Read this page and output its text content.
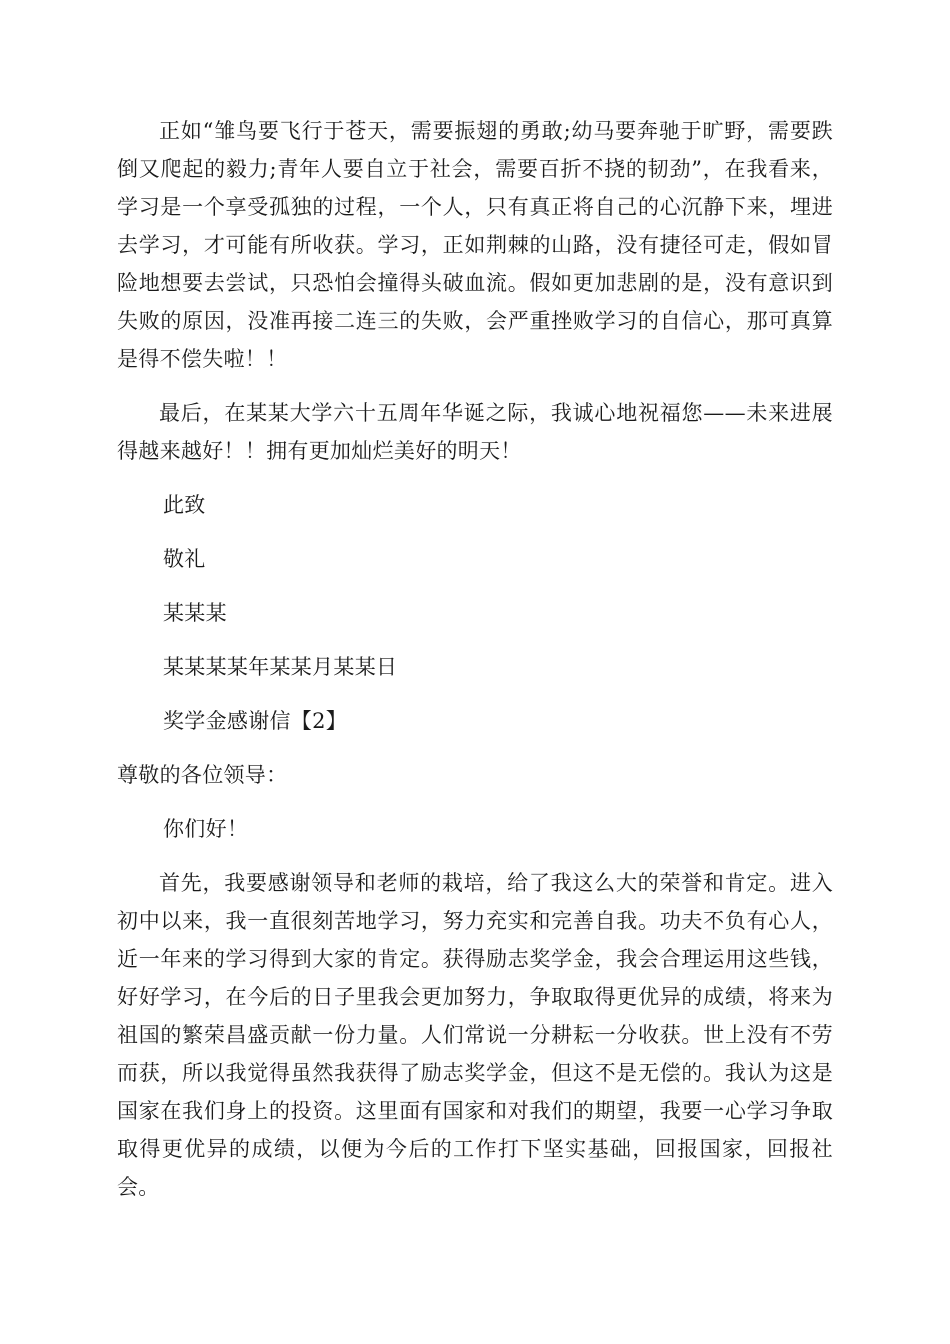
正如“雏鸟要飞行于苍天，需要振翅的勇敢;幼马要奔驰于旷野，需要跌倒又爬起的毅力;青年人要自立于社会，需要百折不挠的韧劲”，在我看来，学习是一个享受孤独的过程，一个人，只有真正将自己的心沉静下来，埋进去学习，才可能有所收获。学习，正如荆棘的山路，没有捷径可走，假如冒险地想要去尝试，只恐怕会撞得头破血流。假如更加悲剧的是，没有意识到失败的原因，没准再接二连三的失败，会严重挫败学习的自信心，那可真算是得不偿失啦！！

最后，在某某大学六十五周年华诞之际，我诚心地祝福您——未来进展得越来越好！！拥有更加灿烂美好的明天！

此致

敬礼

某某某

某某某某年某某月某某日

奖学金感谢信【2】

尊敬的各位领导：

你们好！

首先，我要感谢领导和老师的栽培，给了我这么大的荣誉和肯定。进入初中以来，我一直很刻苦地学习，努力充实和完善自我。功夫不负有心人，近一年来的学习得到大家的肯定。获得励志奖学金，我会合理运用这些钱，好好学习，在今后的日子里我会更加努力，争取取得更优异的成绩，将来为祖国的繁荣昌盛贡献一份力量。人们常说一分耕耘一分收获。世上没有不劳而获，所以我觉得虽然我获得了励志奖学金，但这不是无偿的。我认为这是国家在我们身上的投资。这里面有国家和对我们的期望，我要一心学习争取取得更优异的成绩，以便为今后的工作打下坚实基础，回报国家，回报社会。
